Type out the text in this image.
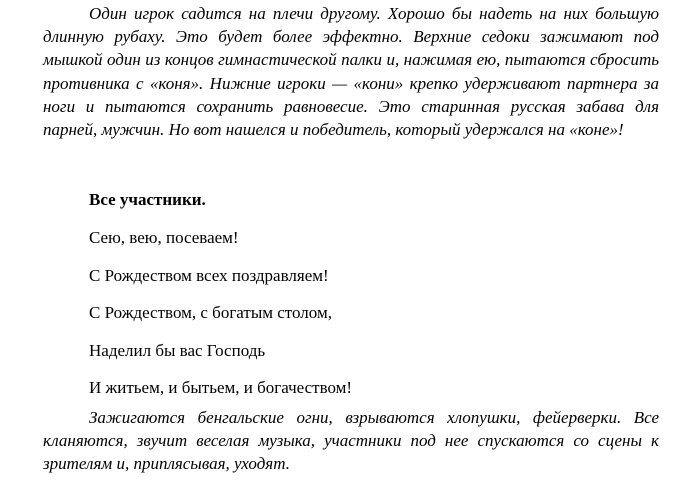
Один игрок садится на плечи другому. Хорошо бы надеть на них большую длинную рубаху. Это будет более эффектно. Верхние седоки зажимают под мышкой один из концов гимнастической палки и, нажимая ею, пытаются сбросить противника с «коня». Нижние игроки — «кони» крепко удерживают партнера за ноги и пытаются сохранить равновесие. Это старинная русская забава для парней, мужчин. Но вот нашелся и победитель, который удержался на «коне»!

Все участники.

Сею, вею, посеваем!

С Рождеством всех поздравляем!

С Рождеством, с богатым столом,

Наделил бы вас Господь

И житьем, и бытьем, и богачеством!

Зажигаются бенгальские огни, взрываются хлопушки, фейерверки. Все кланяются, звучит веселая музыка, участники под нее спускаются со сцены к зрителям и, приплясывая, уходят.
